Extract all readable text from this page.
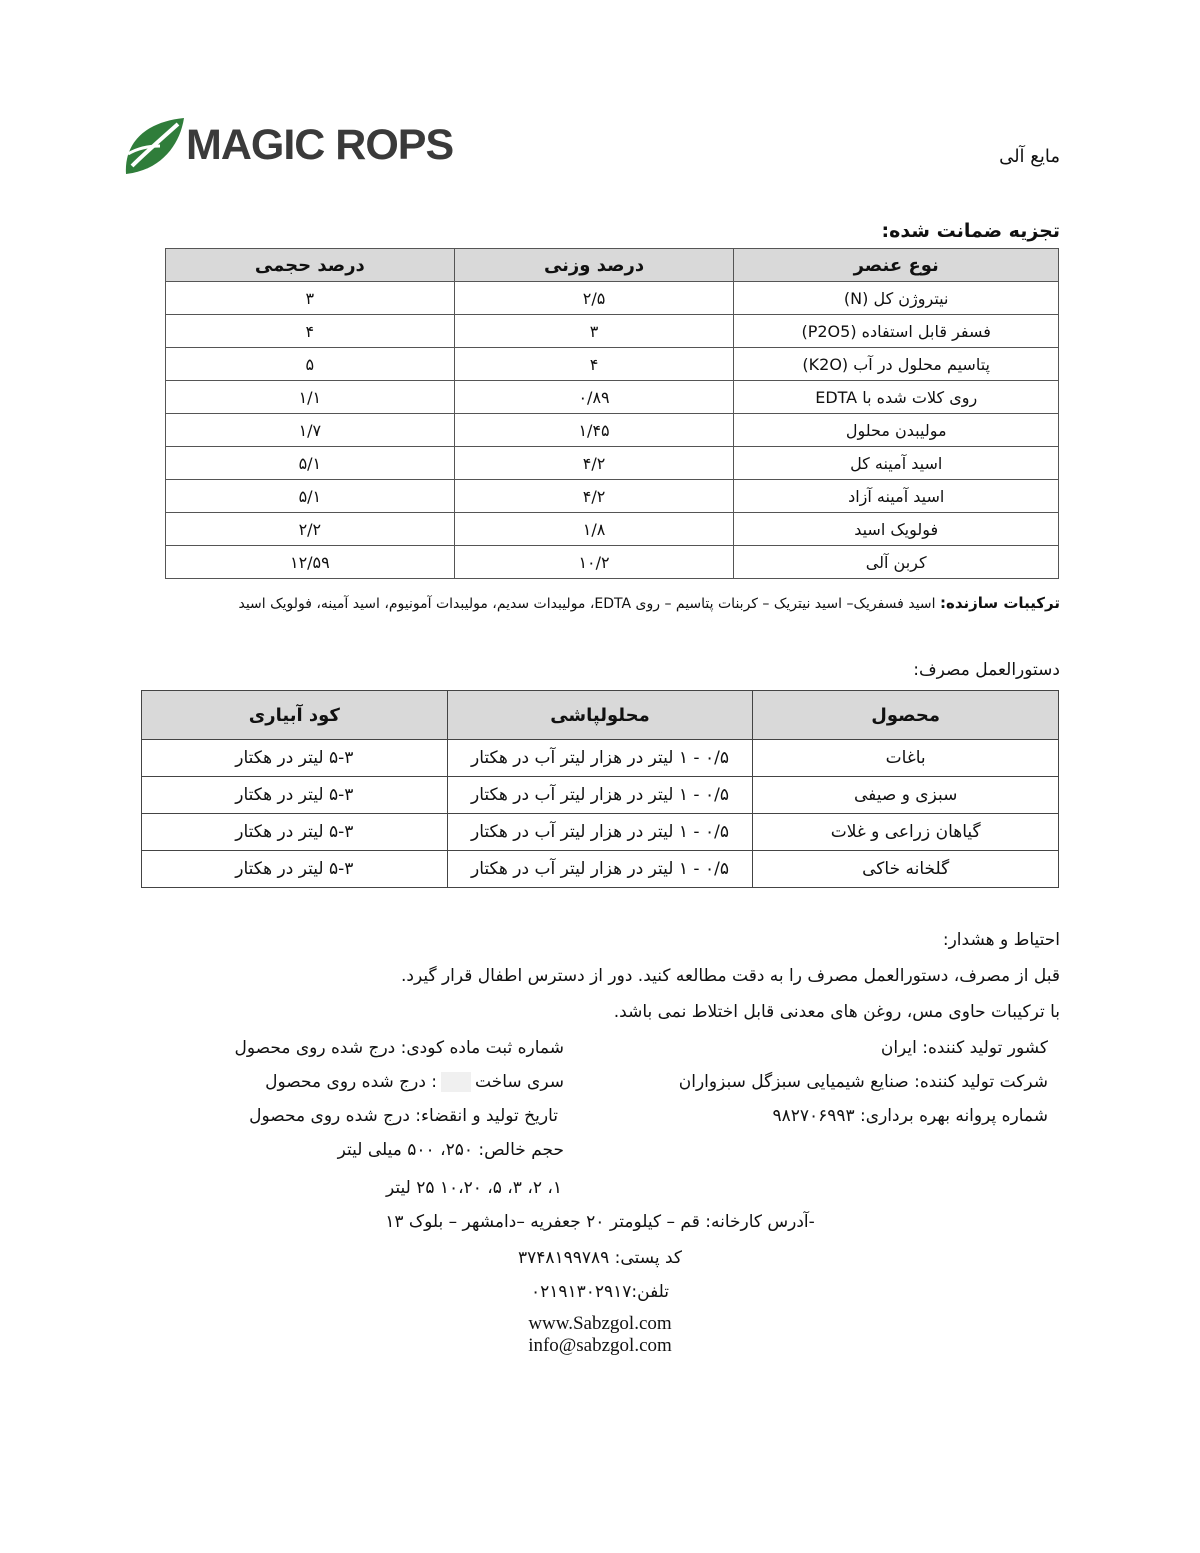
MAGIC ROPS	مایع آلی
تجزیه ضمانت شده:
نوع عنصر	درصد وزنی	درصد حجمی
نیتروژن کل (N)	۲/۵	۳
فسفر قابل استفاده (P2O5)	۳	۴
پتاسیم محلول در آب (K2O)	۴	۵
روی کلات شده با EDTA	۰/۸۹	۱/۱
مولیبدن محلول	۱/۴۵	۱/۷
اسید آمینه کل	۴/۲	۵/۱
اسید آمینه آزاد	۴/۲	۵/۱
فولویک اسید	۱/۸	۲/۲
کربن آلی	۱۰/۲	۱۲/۵۹
ترکیبات سازنده: اسید فسفریک– اسید نیتریک – کربنات پتاسیم – روی EDTA، مولیبدات سدیم، مولیبدات آمونیوم، اسید آمینه، فولویک اسید
دستورالعمل مصرف:
محصول	محلولپاشی	کود آبیاری
باغات	۰/۵ - ۱ لیتر در هزار لیتر آب در هکتار	۵-۳ لیتر در هکتار
سبزی و صیفی	۰/۵ - ۱ لیتر در هزار لیتر آب در هکتار	۵-۳ لیتر در هکتار
گیاهان زراعی و غلات	۰/۵ - ۱ لیتر در هزار لیتر آب در هکتار	۵-۳ لیتر در هکتار
گلخانه خاکی	۰/۵ - ۱ لیتر در هزار لیتر آب در هکتار	۵-۳ لیتر در هکتار
احتیاط و هشدار:
قبل از مصرف، دستورالعمل مصرف را به دقت مطالعه کنید. دور از دسترس اطفال قرار گیرد.
با ترکیبات حاوی مس، روغن های معدنی قابل اختلاط نمی باشد.
کشور تولید کننده: ایران
شرکت تولید کننده: صنایع شیمیایی سبزگل سبزواران
شماره پروانه بهره برداری: ۹۸۲۷۰۶۹۹۳
شماره ثبت ماده کودی: درج شده روی محصول
سری ساخت: درج شده روی محصول
تاریخ تولید و انقضاء: درج شده روی محصول
حجم خالص: ۲۵۰، ۵۰۰ میلی لیتر
۱، ۲، ۳، ۵، ۱۰،۲۰ ۲۵ لیتر
-آدرس کارخانه: قم – کیلومتر ۲۰ جعفریه –دامشهر – بلوک ۱۳
کد پستی: ۳۷۴۸۱۹۹۷۸۹
تلفن:۰۲۱۹۱۳۰۲۹۱۷
www.Sabzgol.com
info@sabzgol.com
